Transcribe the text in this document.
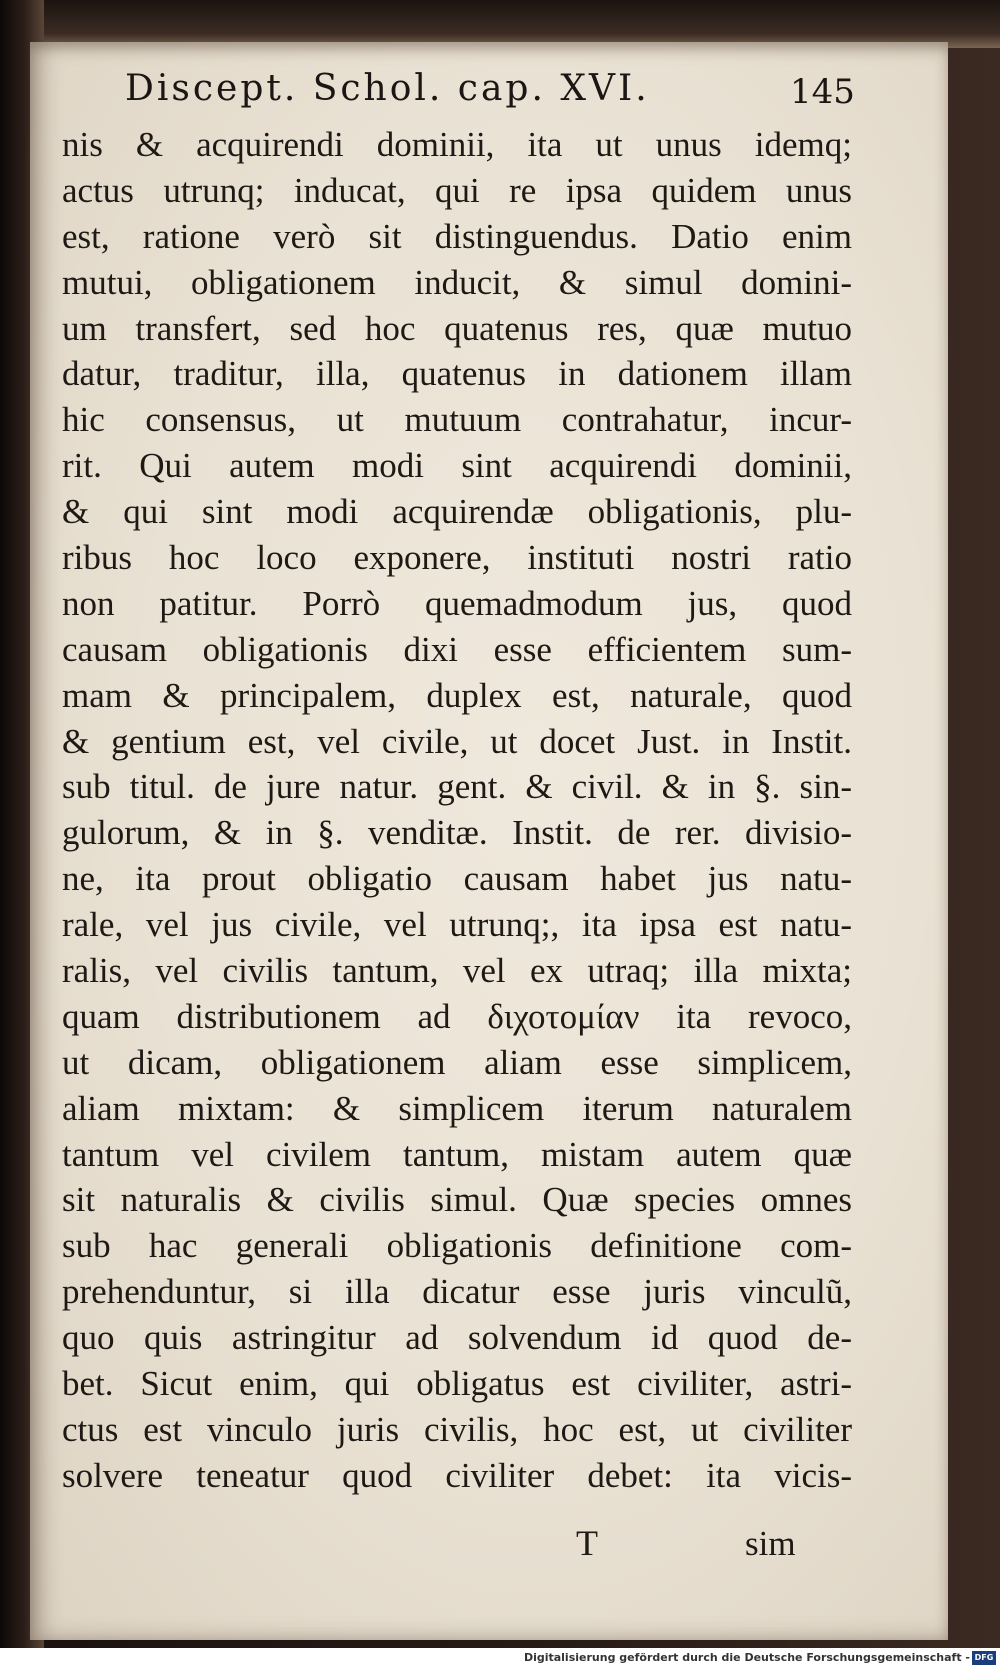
Discept. Schol. cap. XVI.	145
nis & acquirendi dominii, ita ut unus idemq;
actus utrunq; inducat, qui re ipsa quidem unus
est, ratione verò sit distinguendus. Datio enim
mutui, obligationem inducit, & simul domini-
um transfert, sed hoc quatenus res, quæ mutuo
datur, traditur, illa, quatenus in dationem illam
hic consensus, ut mutuum contrahatur, incur-
rit. Qui autem modi sint acquirendi dominii,
& qui sint modi acquirendæ obligationis, plu-
ribus hoc loco exponere, instituti nostri ratio
non patitur. Porrò quemadmodum jus, quod
causam obligationis dixi esse efficientem sum-
mam & principalem, duplex est, naturale, quod
& gentium est, vel civile, ut docet Just. in Instit.
sub titul. de jure natur. gent. & civil. & in §. sin-
gulorum, & in §. venditæ. Instit. de rer. divisio-
ne, ita prout obligatio causam habet jus natu-
rale, vel jus civile, vel utrunq;, ita ipsa est natu-
ralis, vel civilis tantum, vel ex utraq; illa mixta;
quam distributionem ad διχοτομίαν ita revoco,
ut dicam, obligationem aliam esse simplicem,
aliam mixtam: & simplicem iterum naturalem
tantum vel civilem tantum, mistam autem quæ
sit naturalis & civilis simul. Quæ species omnes
sub hac generali obligationis definitione com-
prehenduntur, si illa dicatur esse juris vinculũ,
quo quis astringitur ad solvendum id quod de-
bet. Sicut enim, qui obligatus est civiliter, astri-
ctus est vinculo juris civilis, hoc est, ut civiliter
solvere teneatur quod civiliter debet: ita vicis-
T	sim
Digitalisierung gefördert durch die Deutsche Forschungsgemeinschaft - DFG
